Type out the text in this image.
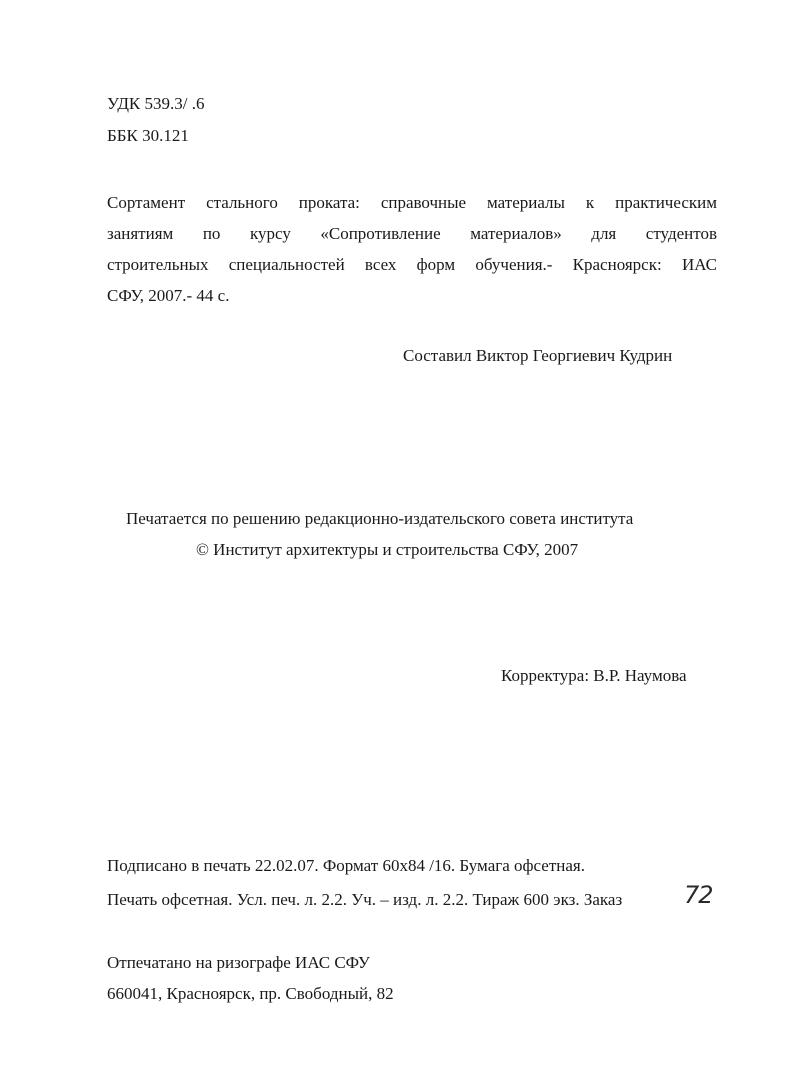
УДК 539.3/ .6
ББК 30.121
Сортамент стального проката: справочные материалы к практическим
занятиям по курсу «Сопротивление материалов» для студентов
строительных специальностей всех форм обучения.- Красноярск: ИАС
СФУ, 2007.- 44 с.
Составил Виктор Георгиевич Кудрин
Печатается по решению редакционно-издательского совета института
© Институт архитектуры и строительства СФУ, 2007
Корректура: В.Р. Наумова
Подписано в печать 22.02.07. Формат 60x84 /16. Бумага офсетная.
Печать офсетная. Усл. печ. л. 2.2. Уч. – изд. л. 2.2. Тираж 600 экз. Заказ	72
Отпечатано на ризографе ИАС СФУ
660041, Красноярск, пр. Свободный, 82
